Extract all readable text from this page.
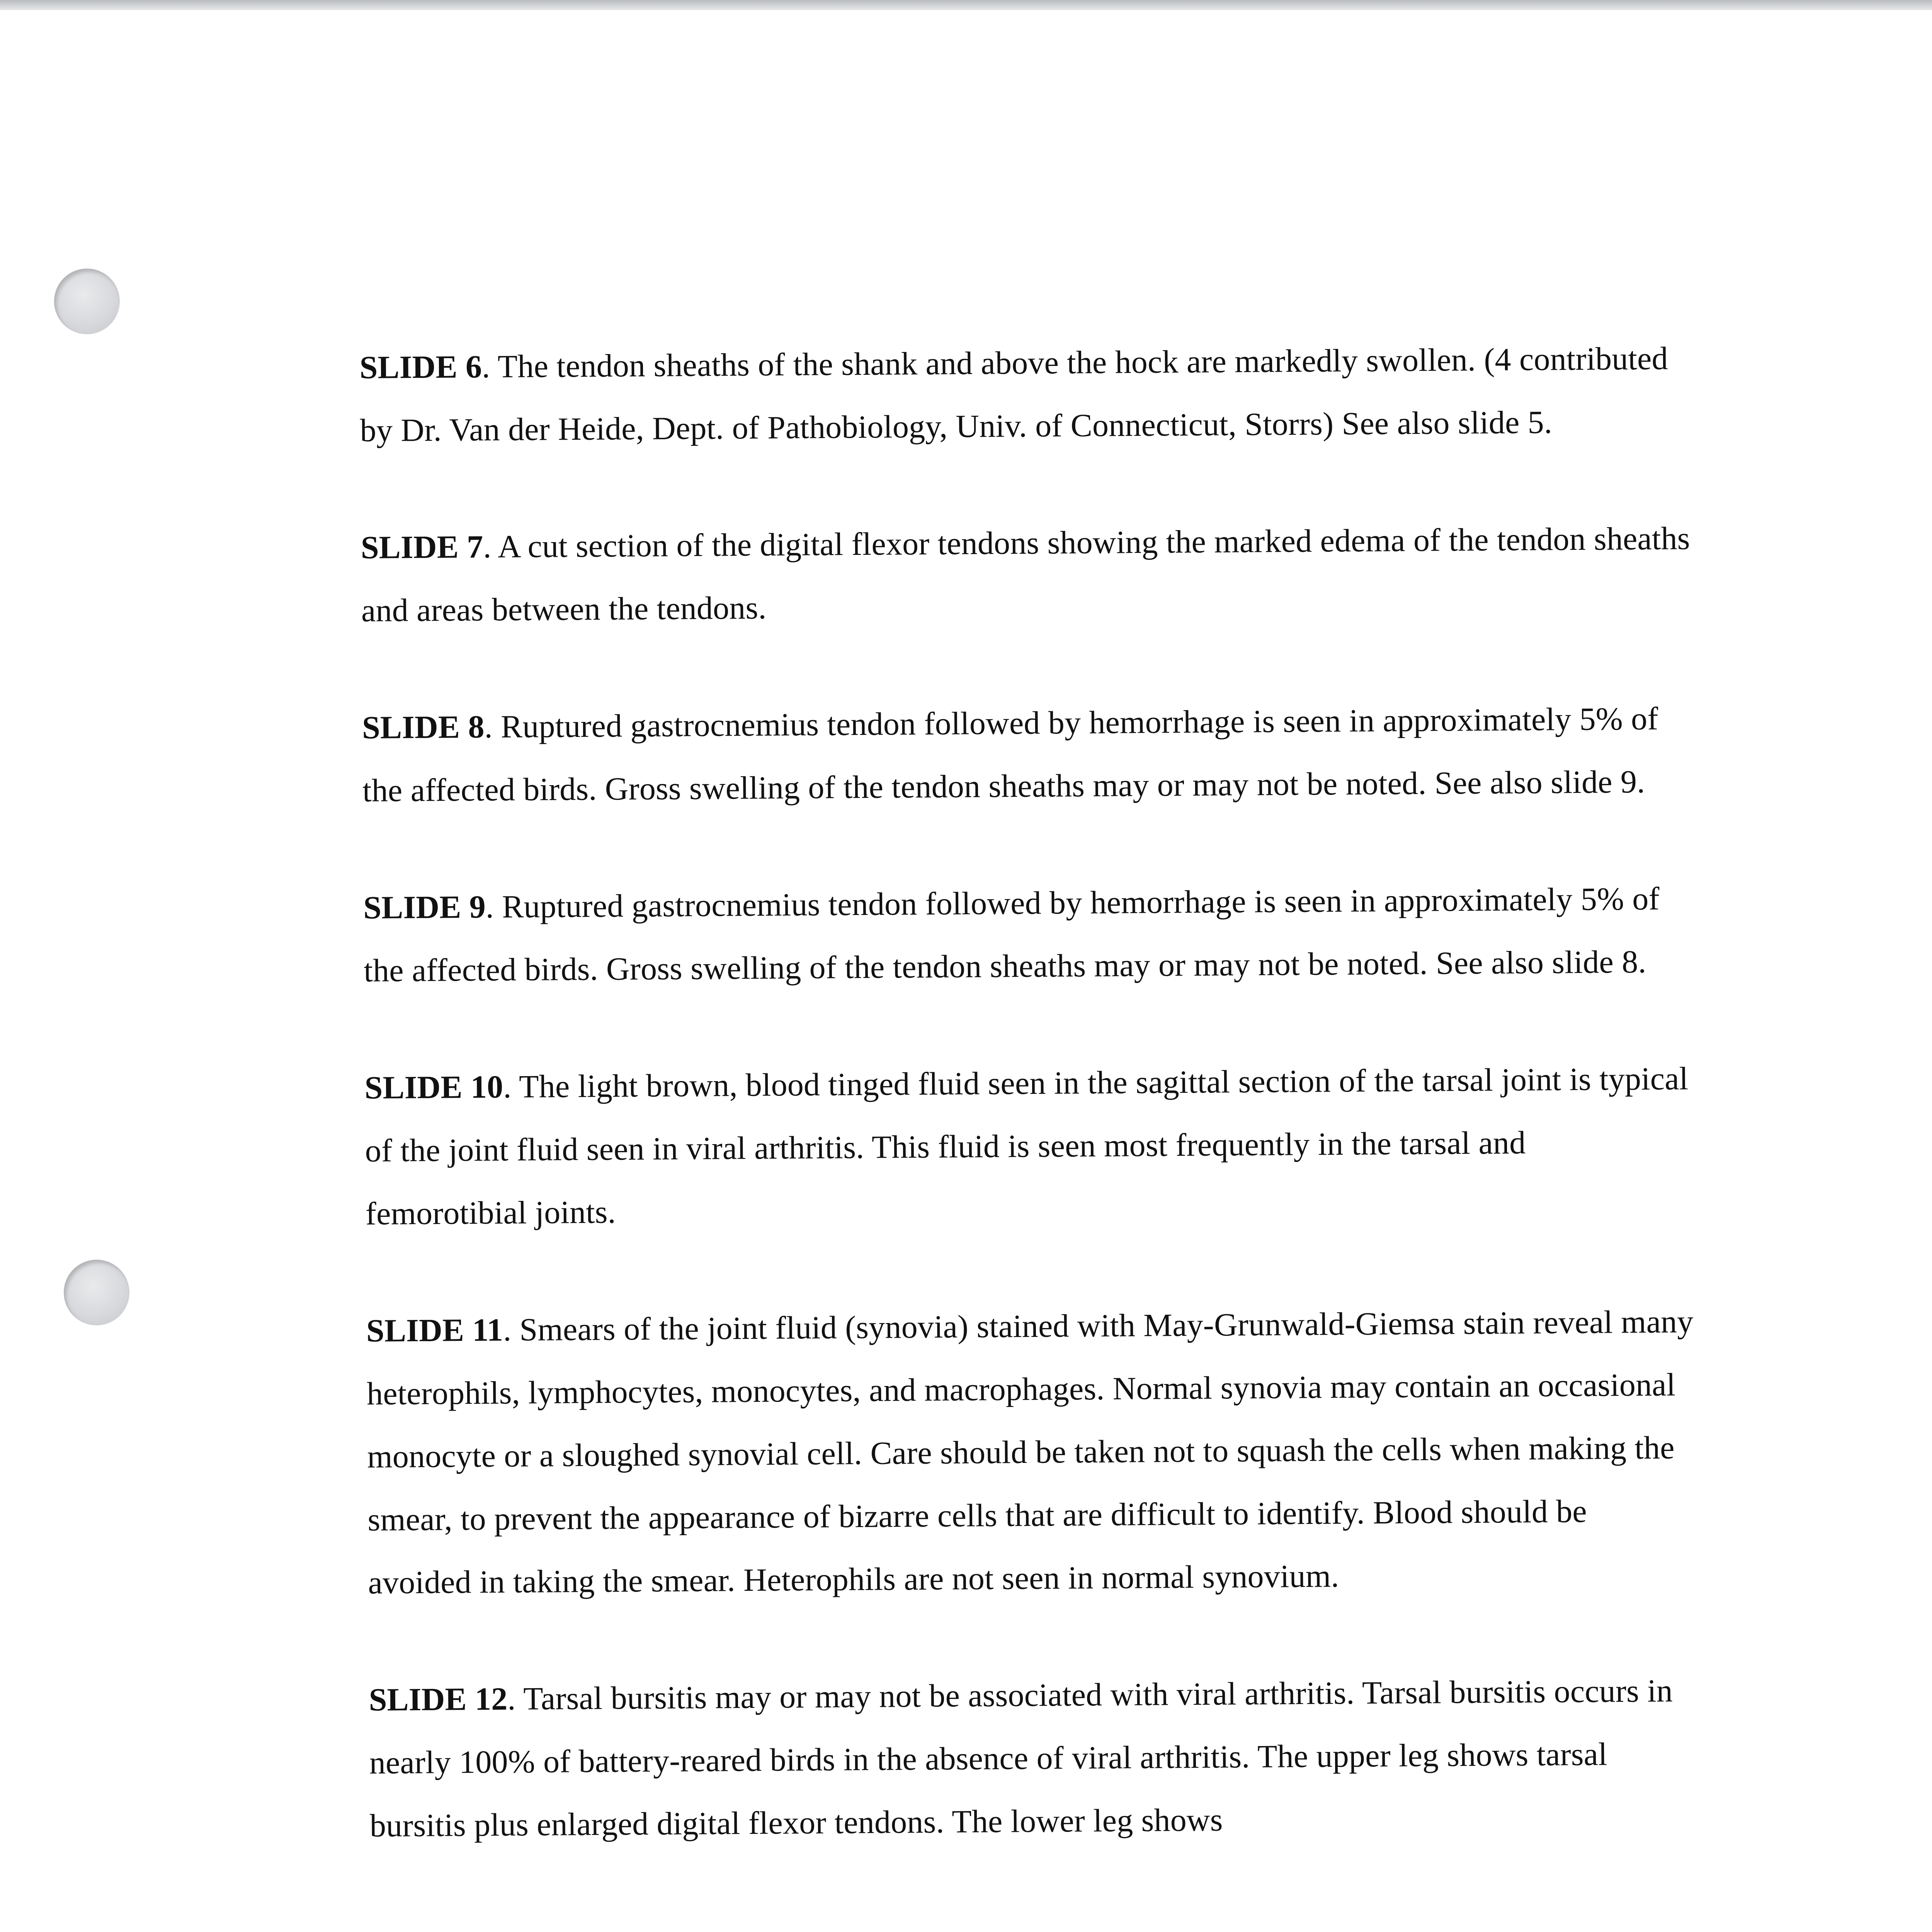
SLIDE 6. The tendon sheaths of the shank and above the hock are markedly swollen. (4 contributed by Dr. Van der Heide, Dept. of Pathobiology, Univ. of Connecticut, Storrs) See also slide 5.

SLIDE 7. A cut section of the digital flexor tendons showing the marked edema of the tendon sheaths and areas between the tendons.

SLIDE 8. Ruptured gastrocnemius tendon followed by hemorrhage is seen in approximately 5% of the affected birds. Gross swelling of the tendon sheaths may or may not be noted. See also slide 9.

SLIDE 9. Ruptured gastrocnemius tendon followed by hemorrhage is seen in approximately 5% of the affected birds. Gross swelling of the tendon sheaths may or may not be noted. See also slide 8.

SLIDE 10. The light brown, blood tinged fluid seen in the sagittal section of the tarsal joint is typical of the joint fluid seen in viral arthritis. This fluid is seen most frequently in the tarsal and femorotibial joints.

SLIDE 11. Smears of the joint fluid (synovia) stained with May-Grunwald-Giemsa stain reveal many heterophils, lymphocytes, monocytes, and macrophages. Normal synovia may contain an occasional monocyte or a sloughed synovial cell. Care should be taken not to squash the cells when making the smear, to prevent the appearance of bizarre cells that are difficult to identify. Blood should be avoided in taking the smear. Heterophils are not seen in normal synovium.

SLIDE 12. Tarsal bursitis may or may not be associated with viral arthritis. Tarsal bursitis occurs in nearly 100% of battery-reared birds in the absence of viral arthritis. The upper leg shows tarsal bursitis plus enlarged digital flexor tendons. The lower leg shows
